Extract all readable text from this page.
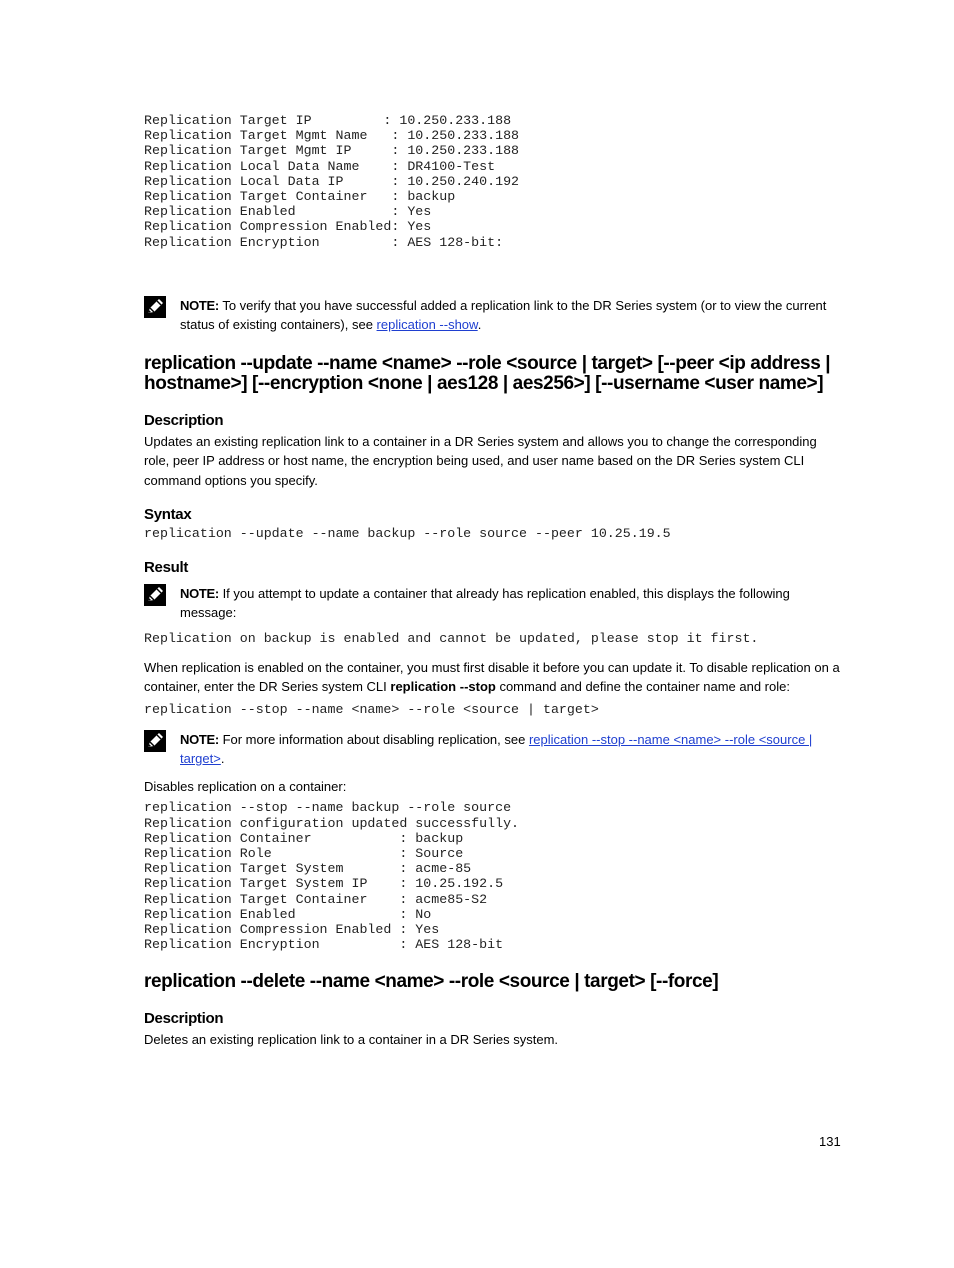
Replication Target IP         : 10.250.233.188
Replication Target Mgmt Name   : 10.250.233.188
Replication Target Mgmt IP     : 10.250.233.188
Replication Local Data Name    : DR4100-Test
Replication Local Data IP      : 10.250.240.192
Replication Target Container   : backup
Replication Enabled            : Yes
Replication Compression Enabled: Yes
Replication Encryption         : AES 128-bit:
NOTE: To verify that you have successful added a replication link to the DR Series system (or to view the current status of existing containers), see replication --show.
replication --update --name <name> --role <source | target> [--peer <ip address | hostname>] [--encryption <none | aes128 | aes256>] [--username <user name>]
Description

Updates an existing replication link to a container in a DR Series system and allows you to change the corresponding role, peer IP address or host name, the encryption being used, and user name based on the DR Series system CLI command options you specify.

Syntax
replication --update --name backup --role source --peer 10.25.19.5
Result
NOTE: If you attempt to update a container that already has replication enabled, this displays the following message:
Replication on backup is enabled and cannot be updated, please stop it first.

When replication is enabled on the container, you must first disable it before you can update it. To disable replication on a container, enter the DR Series system CLI replication --stop command and define the container name and role:

replication --stop --name <name> --role <source | target>
NOTE: For more information about disabling replication, see replication --stop --name <name> --role <source | target>.

Disables replication on a container:

replication --stop --name backup --role source
Replication configuration updated successfully.
Replication Container           : backup
Replication Role                : Source
Replication Target System       : acme-85
Replication Target System IP    : 10.25.192.5
Replication Target Container    : acme85-S2
Replication Enabled             : No
Replication Compression Enabled : Yes
Replication Encryption          : AES 128-bit
replication --delete --name <name> --role <source | target> [--force]
Description

Deletes an existing replication link to a container in a DR Series system.

131
